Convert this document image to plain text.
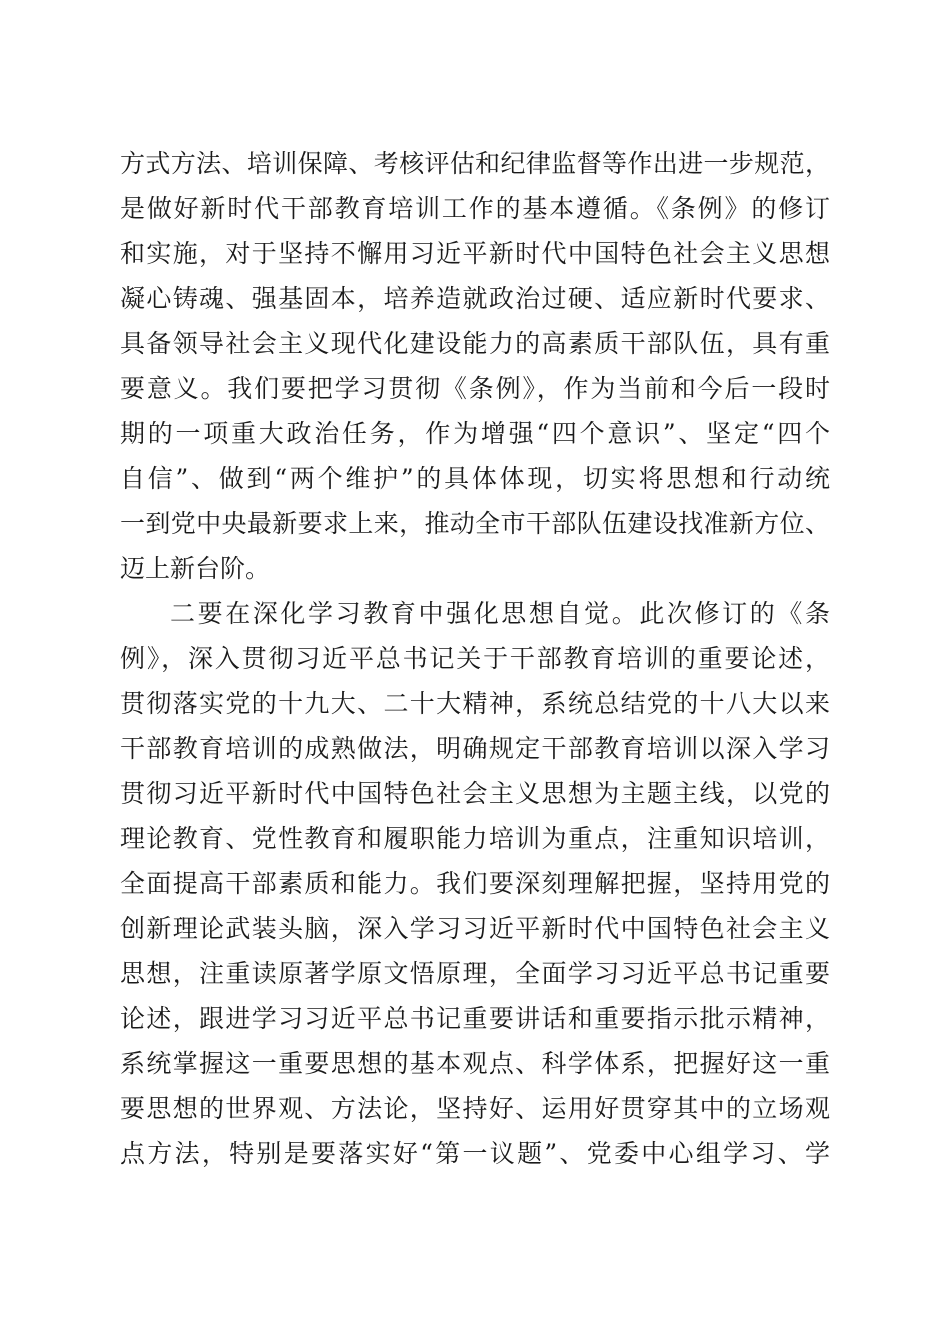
方式方法、培训保障、考核评估和纪律监督等作出进一步规范，
是做好新时代干部教育培训工作的基本遵循。《条例》的修订
和实施，对于坚持不懈用习近平新时代中国特色社会主义思想
凝心铸魂、强基固本，培养造就政治过硬、适应新时代要求、
具备领导社会主义现代化建设能力的高素质干部队伍，具有重
要意义。我们要把学习贯彻《条例》，作为当前和今后一段时
期的一项重大政治任务，作为增强“四个意识”、坚定“四个
自信”、做到“两个维护”的具体体现，切实将思想和行动统
一到党中央最新要求上来，推动全市干部队伍建设找准新方位、
迈上新台阶。
二要在深化学习教育中强化思想自觉。此次修订的《条
例》，深入贯彻习近平总书记关于干部教育培训的重要论述，
贯彻落实党的十九大、二十大精神，系统总结党的十八大以来
干部教育培训的成熟做法，明确规定干部教育培训以深入学习
贯彻习近平新时代中国特色社会主义思想为主题主线，以党的
理论教育、党性教育和履职能力培训为重点，注重知识培训，
全面提高干部素质和能力。我们要深刻理解把握，坚持用党的
创新理论武装头脑，深入学习习近平新时代中国特色社会主义
思想，注重读原著学原文悟原理，全面学习习近平总书记重要
论述，跟进学习习近平总书记重要讲话和重要指示批示精神，
系统掌握这一重要思想的基本观点、科学体系，把握好这一重
要思想的世界观、方法论，坚持好、运用好贯穿其中的立场观
点方法，特别是要落实好“第一议题”、党委中心组学习、学
